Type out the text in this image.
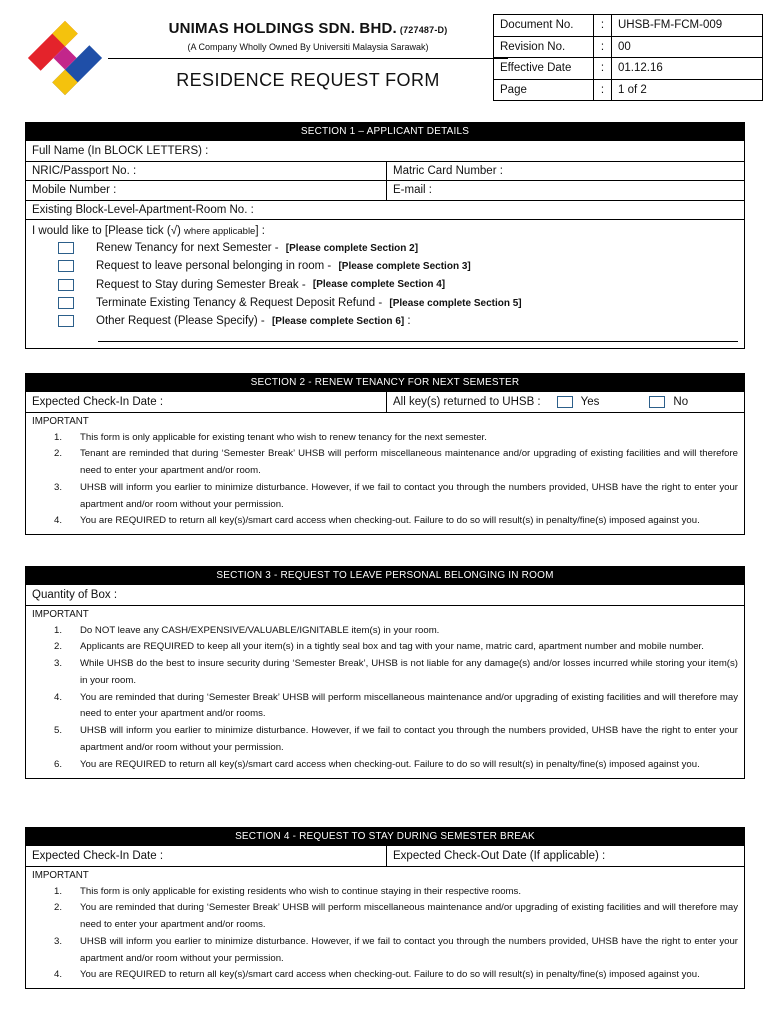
UNIMAS HOLDINGS SDN. BHD. (727487-D)
(A Company Wholly Owned By Universiti Malaysia Sarawak)
RESIDENCE REQUEST FORM
Document No.	:	UHSB-FM-FCM-009
Revision No.	:	00
Effective Date	:	01.12.16
Page	:	1 of 2
SECTION 1 – APPLICANT DETAILS
Full Name (In BLOCK LETTERS) :
NRIC/Passport No. :	Matric Card Number :
Mobile Number :	E-mail :
Existing Block-Level-Apartment-Room No. :
I would like to [Please tick (√) where applicable] :
Renew Tenancy for next Semester - [Please complete Section 2]
Request to leave personal belonging in room - [Please complete Section 3]
Request to Stay during Semester Break - [Please complete Section 4]
Terminate Existing Tenancy & Request Deposit Refund - [Please complete Section 5]
Other Request (Please Specify) - [Please complete Section 6] :
SECTION 2 - RENEW TENANCY FOR NEXT SEMESTER
Expected Check-In Date :	All key(s) returned to UHSB :	Yes	No
IMPORTANT
1.	This form is only applicable for existing tenant who wish to renew tenancy for the next semester.
2.	Tenant are reminded that during ‘Semester Break’ UHSB will perform miscellaneous maintenance and/or upgrading of existing facilities and will therefore need to enter your apartment and/or room.
3.	UHSB will inform you earlier to minimize disturbance. However, if we fail to contact you through the numbers provided, UHSB have the right to enter your apartment and/or room without your permission.
4.	You are REQUIRED to return all key(s)/smart card access when checking-out. Failure to do so will result(s) in penalty/fine(s) imposed against you.
SECTION 3 - REQUEST TO LEAVE PERSONAL BELONGING IN ROOM
Quantity of Box :
IMPORTANT
1.	Do NOT leave any CASH/EXPENSIVE/VALUABLE/IGNITABLE item(s) in your room.
2.	Applicants are REQUIRED to keep all your item(s) in a tightly seal box and tag with your name, matric card, apartment number and mobile number.
3.	While UHSB do the best to insure security during ‘Semester Break’, UHSB is not liable for any damage(s) and/or losses incurred while storing your item(s) in your room.
4.	You are reminded that during ‘Semester Break’ UHSB will perform miscellaneous maintenance and/or upgrading of existing facilities and will therefore may need to enter your apartment and/or rooms.
5.	UHSB will inform you earlier to minimize disturbance. However, if we fail to contact you through the numbers provided, UHSB have the right to enter your apartment and/or room without your permission.
6.	You are REQUIRED to return all key(s)/smart card access when checking-out. Failure to do so will result(s) in penalty/fine(s) imposed against you.
SECTION 4 - REQUEST TO STAY DURING SEMESTER BREAK
Expected Check-In Date :	Expected Check-Out Date (If applicable) :
IMPORTANT
1.	This form is only applicable for existing residents who wish to continue staying in their respective rooms.
2.	You are reminded that during ‘Semester Break’ UHSB will perform miscellaneous maintenance and/or upgrading of existing facilities and will therefore may need to enter your apartment and/or rooms.
3.	UHSB will inform you earlier to minimize disturbance. However, if we fail to contact you through the numbers provided, UHSB have the right to enter your apartment and/or room without your permission.
4.	You are REQUIRED to return all key(s)/smart card access when checking-out. Failure to do so will result(s) in penalty/fine(s) imposed against you.
